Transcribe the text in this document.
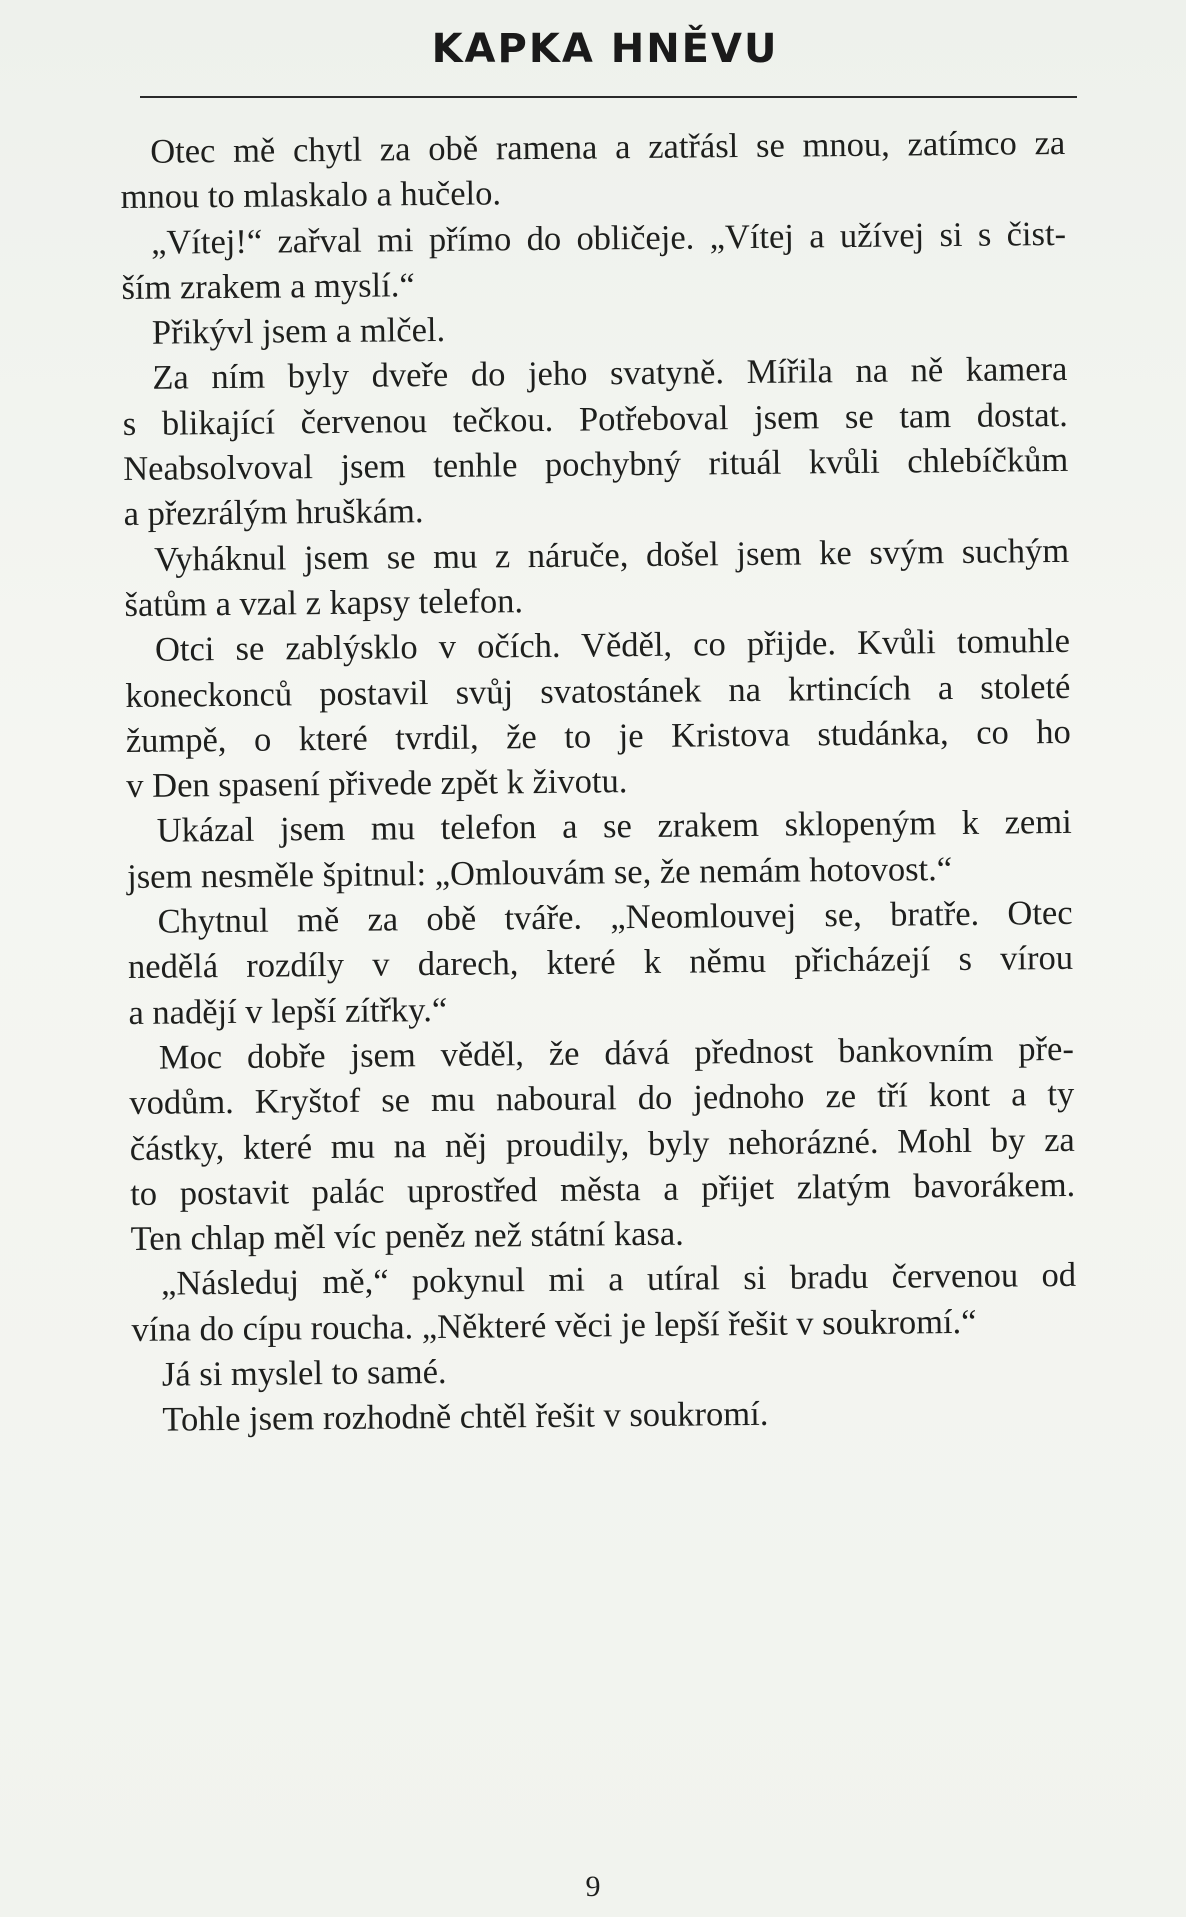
KAPKA HNĚVU

Otec mě chytl za obě ramena a zatřásl se mnou, zatímco za
mnou to mlaskalo a hučelo.

„Vítej!“ zařval mi přímo do obličeje. „Vítej a užívej si s čist-
ším zrakem a myslí.“

Přikývl jsem a mlčel.

Za ním byly dveře do jeho svatyně. Mířila na ně kamera
s blikající červenou tečkou. Potřeboval jsem se tam dostat.
Neabsolvoval jsem tenhle pochybný rituál kvůli chlebíčkům
a přezrálým hruškám.

Vyháknul jsem se mu z náruče, došel jsem ke svým suchým
šatům a vzal z kapsy telefon.

Otci se zablýsklo v očích. Věděl, co přijde. Kvůli tomuhle
koneckonců postavil svůj svatostánek na krtincích a stoleté
žumpě, o které tvrdil, že to je Kristova studánka, co ho
v Den spasení přivede zpět k životu.

Ukázal jsem mu telefon a se zrakem sklopeným k zemi
jsem nesměle špitnul: „Omlouvám se, že nemám hotovost.“

Chytnul mě za obě tváře. „Neomlouvej se, bratře. Otec
nedělá rozdíly v darech, které k němu přicházejí s vírou
a nadějí v lepší zítřky.“

Moc dobře jsem věděl, že dává přednost bankovním pře-
vodům. Kryštof se mu naboural do jednoho ze tří kont a ty
částky, které mu na něj proudily, byly nehorázné. Mohl by za
to postavit palác uprostřed města a přijet zlatým bavorákem.
Ten chlap měl víc peněz než státní kasa.

„Následuj mě,“ pokynul mi a utíral si bradu červenou od
vína do cípu roucha. „Některé věci je lepší řešit v soukromí.“

Já si myslel to samé.

Tohle jsem rozhodně chtěl řešit v soukromí.

9
